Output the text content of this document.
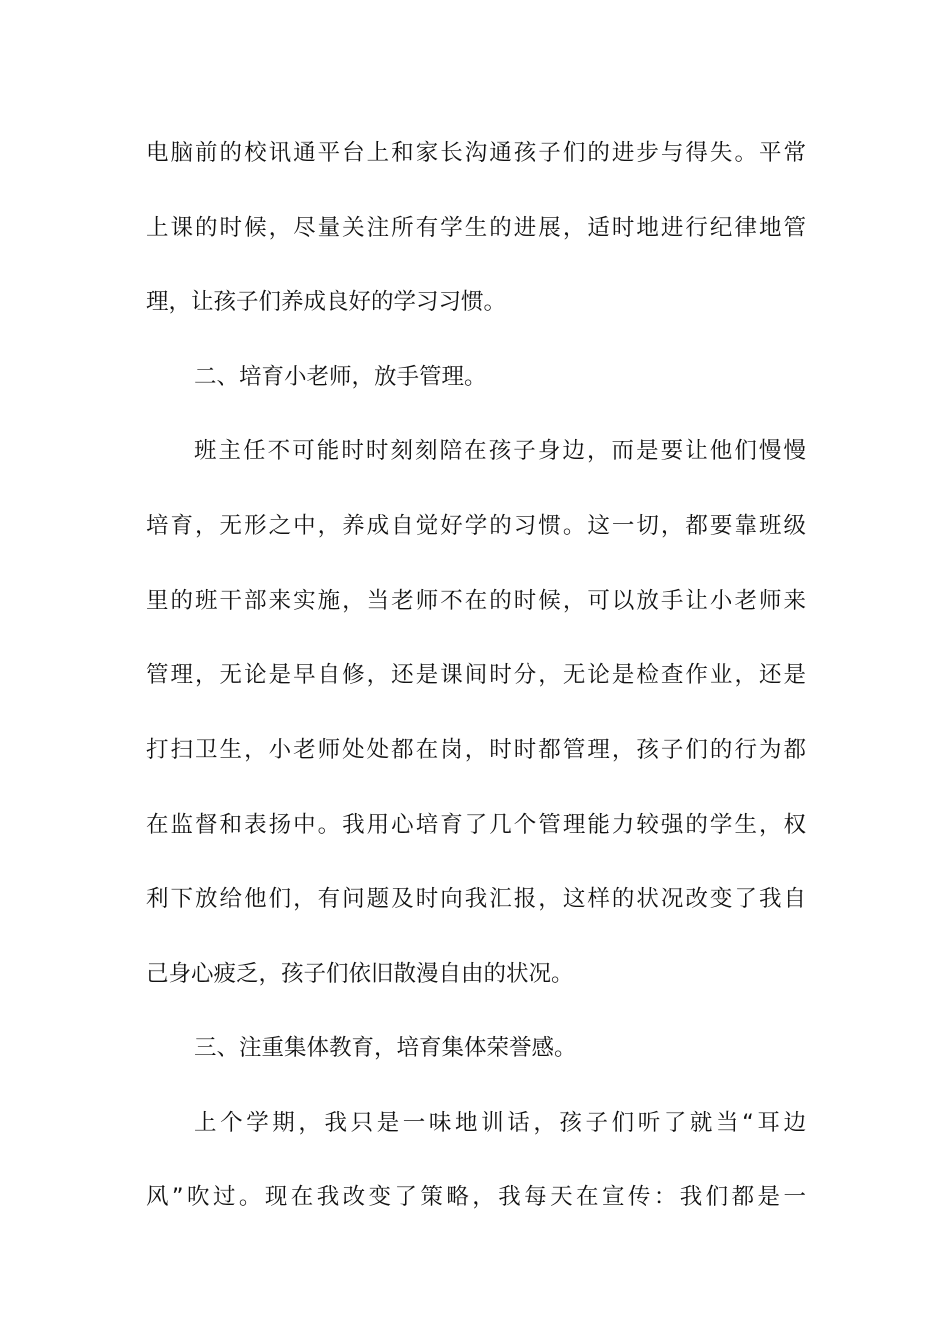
电脑前的校讯通平台上和家长沟通孩子们的进步与得失。平常
上课的时候，尽量关注所有学生的进展，适时地进行纪律地管
理，让孩子们养成良好的学习习惯。
二、培育小老师，放手管理。
班主任不可能时时刻刻陪在孩子身边，而是要让他们慢慢
培育，无形之中，养成自觉好学的习惯。这一切，都要靠班级
里的班干部来实施，当老师不在的时候，可以放手让小老师来
管理，无论是早自修，还是课间时分，无论是检查作业，还是
打扫卫生，小老师处处都在岗，时时都管理，孩子们的行为都
在监督和表扬中。我用心培育了几个管理能力较强的学生，权
利下放给他们，有问题及时向我汇报，这样的状况改变了我自
己身心疲乏，孩子们依旧散漫自由的状况。
三、注重集体教育，培育集体荣誉感。
上个学期，我只是一味地训话，孩子们听了就当“耳边
风”吹过。现在我改变了策略，我每天在宣传：我们都是一
